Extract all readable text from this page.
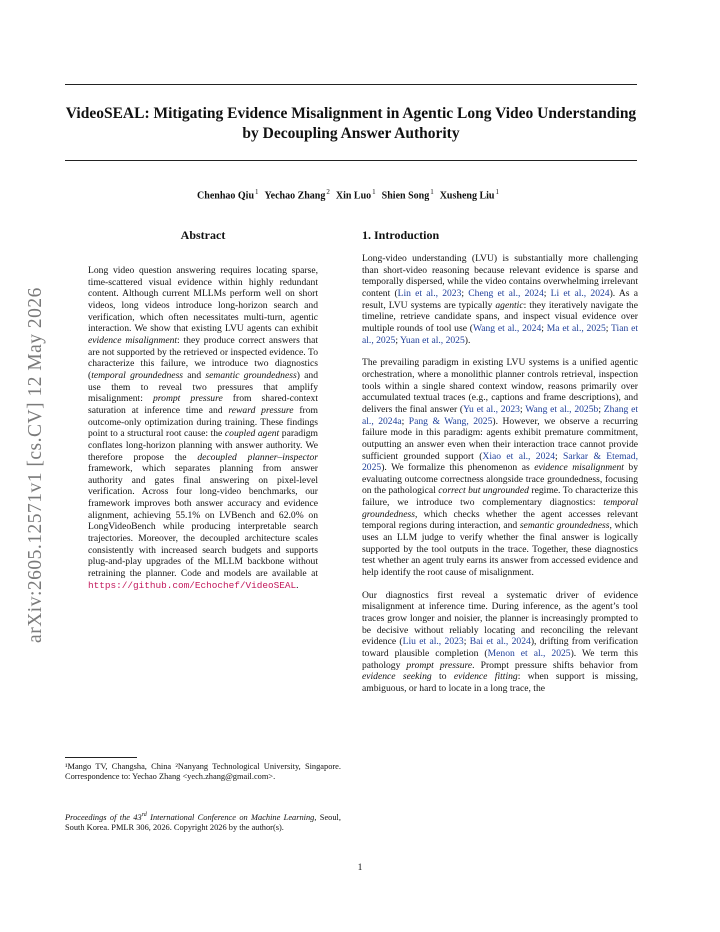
VideoSEAL: Mitigating Evidence Misalignment in Agentic Long Video Understanding by Decoupling Answer Authority
Chenhao Qiu$^1$ Yechao Zhang$^2$ Xin Luo$^1$ Shien Song$^1$ Xusheng Liu$^1$
arXiv:2605.12571v1 [cs.CV] 12 May 2026
Abstract

Long video question answering requires locating sparse, time-scattered visual evidence within highly redundant content. Although current MLLMs perform well on short videos, long videos introduce long-horizon search and verification, which often necessitates multi-turn, agentic interaction. We show that existing LVU agents can exhibit evidence misalignment: they produce correct answers that are not supported by the retrieved or inspected evidence. To characterize this failure, we introduce two diagnostics (temporal groundedness and semantic groundedness) and use them to reveal two pressures that amplify misalignment: prompt pressure from shared-context saturation at inference time and reward pressure from outcome-only optimization during training. These findings point to a structural root cause: the coupled agent paradigm conflates long-horizon planning with answer authority. We therefore propose the decoupled planner–inspector framework, which separates planning from answer authority and gates final answering on pixel-level verification. Across four long-video benchmarks, our framework improves both answer accuracy and evidence alignment, achieving 55.1% on LVBench and 62.0% on LongVideoBench while producing interpretable search trajectories. Moreover, the decoupled architecture scales consistently with increased search budgets and supports plug-and-play upgrades of the MLLM backbone without retraining the planner. Code and models are available at https://github.com/Echochef/VideoSEAL.

¹Mango TV, Changsha, China ²Nanyang Technological University, Singapore. Correspondence to: Yechao Zhang <yech.zhang@gmail.com>.
Proceedings of the 43rd International Conference on Machine Learning, Seoul, South Korea. PMLR 306, 2026. Copyright 2026 by the author(s).
1. Introduction

Long-video understanding (LVU) is substantially more challenging than short-video reasoning because relevant evidence is sparse and temporally dispersed, while the video contains overwhelming irrelevant content (Lin et al., 2023; Cheng et al., 2024; Li et al., 2024). As a result, LVU systems are typically agentic: they iteratively navigate the timeline, retrieve candidate spans, and inspect visual evidence over multiple rounds of tool use (Wang et al., 2024; Ma et al., 2025; Tian et al., 2025; Yuan et al., 2025).

The prevailing paradigm in existing LVU systems is a unified agentic orchestration, where a monolithic planner controls retrieval, inspection tools within a single shared context window, reasons primarily over accumulated textual traces (e.g., captions and frame descriptions), and delivers the final answer (Yu et al., 2023; Wang et al., 2025b; Zhang et al., 2024a; Pang & Wang, 2025). However, we observe a recurring failure mode in this paradigm: agents exhibit premature commitment, outputting an answer even when their interaction trace cannot provide sufficient grounded support (Xiao et al., 2024; Sarkar & Etemad, 2025). We formalize this phenomenon as evidence misalignment by evaluating outcome correctness alongside trace groundedness, focusing on the pathological correct but ungrounded regime. To characterize this failure, we introduce two complementary diagnostics: temporal groundedness, which checks whether the agent accesses relevant temporal regions during interaction, and semantic groundedness, which uses an LLM judge to verify whether the final answer is logically supported by the tool outputs in the trace. Together, these diagnostics test whether an agent truly earns its answer from accessed evidence and help identify the root cause of misalignment.

Our diagnostics first reveal a systematic driver of evidence misalignment at inference time. During inference, as the agent’s tool traces grow longer and noisier, the planner is increasingly prompted to be decisive without reliably locating and reconciling the relevant evidence (Liu et al., 2023; Bai et al., 2024), drifting from verification toward plausible completion (Menon et al., 2025). We term this pathology prompt pressure. Prompt pressure shifts behavior from evidence seeking to evidence fitting: when support is missing, ambiguous, or hard to locate in a long trace, the

1
